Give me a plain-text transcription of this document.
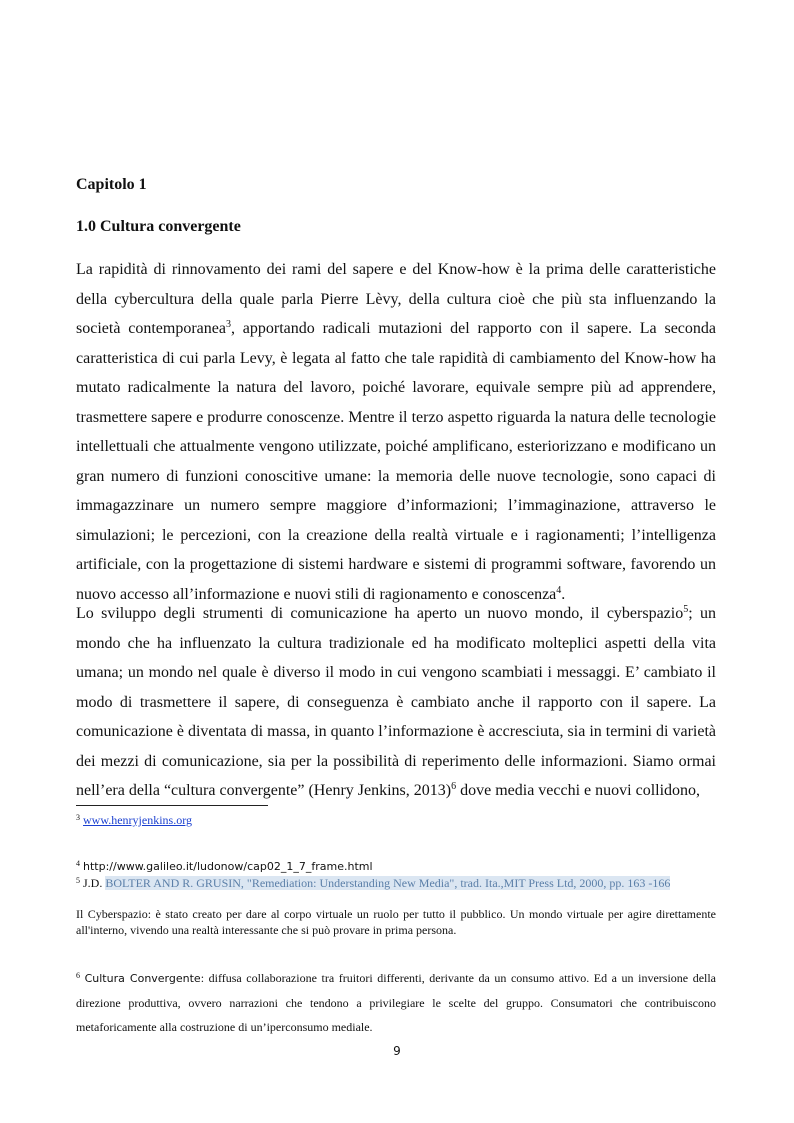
Capitolo 1
1.0 Cultura convergente

La rapidità di rinnovamento dei rami del sapere e del Know-how è la prima delle caratteristiche della cybercultura della quale parla Pierre Lèvy, della cultura cioè che più sta influenzando la società contemporanea$^3$, apportando radicali mutazioni del rapporto con il sapere. La seconda caratteristica di cui parla Levy, è legata al fatto che tale rapidità di cambiamento del Know-how ha mutato radicalmente la natura del lavoro, poiché lavorare, equivale sempre più ad apprendere, trasmettere sapere e produrre conoscenze. Mentre il terzo aspetto riguarda la natura delle tecnologie intellettuali che attualmente vengono utilizzate, poiché amplificano, esteriorizzano e modificano un gran numero di funzioni conoscitive umane: la memoria delle nuove tecnologie, sono capaci di immagazzinare un numero sempre maggiore d’informazioni; l’immaginazione, attraverso le simulazioni; le percezioni, con la creazione della realtà virtuale e i ragionamenti; l’intelligenza artificiale, con la progettazione di sistemi hardware e sistemi di programmi software, favorendo un nuovo accesso all’informazione e nuovi stili di ragionamento e conoscenza$^4$.

Lo sviluppo degli strumenti di comunicazione ha aperto un nuovo mondo, il cyberspazio$^5$; un mondo che ha influenzato la cultura tradizionale ed ha modificato molteplici aspetti della vita umana; un mondo nel quale è diverso il modo in cui vengono scambiati i messaggi. E’ cambiato il modo di trasmettere il sapere, di conseguenza è cambiato anche il rapporto con il sapere. La comunicazione è diventata di massa, in quanto l’informazione è accresciuta, sia in termini di varietà dei mezzi di comunicazione, sia per la possibilità di reperimento delle informazioni. Siamo ormai nell’era della “cultura convergente” (Henry Jenkins, 2013)$^6$ dove media vecchi e nuovi collidono,

$^3$ www.henryjenkins.org

$^4$ http://www.galileo.it/ludonow/cap02_1_7_frame.html

$^5$ J.D. BOLTER AND R. GRUSIN, "Remediation: Understanding New Media", trad. Ita.,MIT Press Ltd, 2000, pp. 163 -166

Il Cyberspazio: è stato creato per dare al corpo virtuale un ruolo per tutto il pubblico. Un mondo virtuale per agire direttamente all'interno, vivendo una realtà interessante che si può provare in prima persona.

$^6$ Cultura Convergente: diffusa collaborazione tra fruitori differenti, derivante da un consumo attivo. Ed a un inversione della direzione produttiva, ovvero narrazioni che tendono a privilegiare le scelte del gruppo. Consumatori che contribuiscono metaforicamente alla costruzione di un’iperconsumo mediale.

9
